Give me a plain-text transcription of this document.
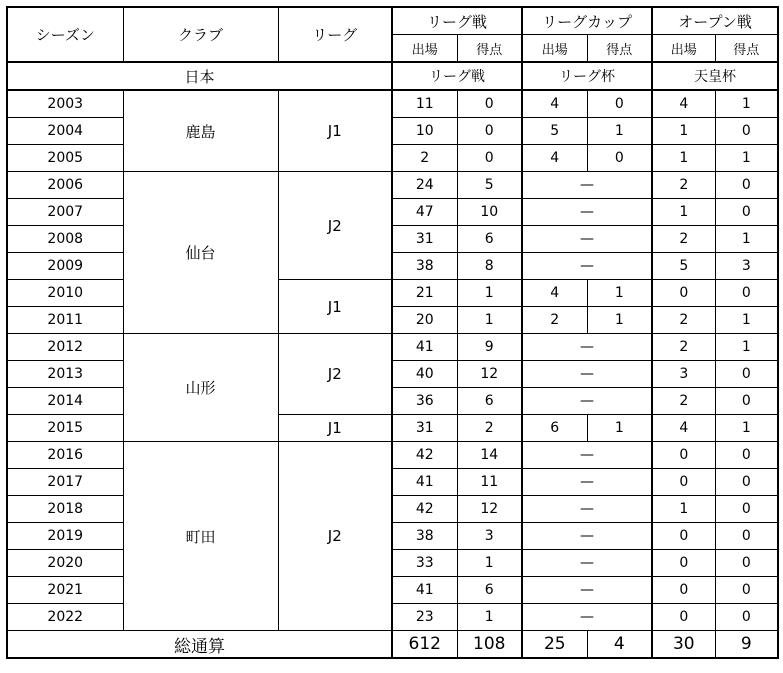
シーズン	クラブ	リーグ	リーグ戦		リーグカップ		オープン戦	
			出場	得点	出場	得点	出場	得点
日本			リーグ戦		リーグ杯		天皇杯	
2003	鹿島	J1	11	0	4	0	4	1
2004			10	0	5	1	1	0
2005			2	0	4	0	1	1
2006	仙台	J2	24	5	—		2	0
2007			47	10	—		1	0
2008			31	6	—		2	1
2009			38	8	—		5	3
2010		J1	21	1	4	1	0	0
2011			20	1	2	1	2	1
2012	山形	J2	41	9	—		2	1
2013			40	12	—		3	0
2014			36	6	—		2	0
2015		J1	31	2	6	1	4	1
2016	町田	J2	42	14	—		0	0
2017			41	11	—		0	0
2018			42	12	—		1	0
2019			38	3	—		0	0
2020			33	1	—		0	0
2021			41	6	—		0	0
2022			23	1	—		0	0
総通算			612	108	25	4	30	9
